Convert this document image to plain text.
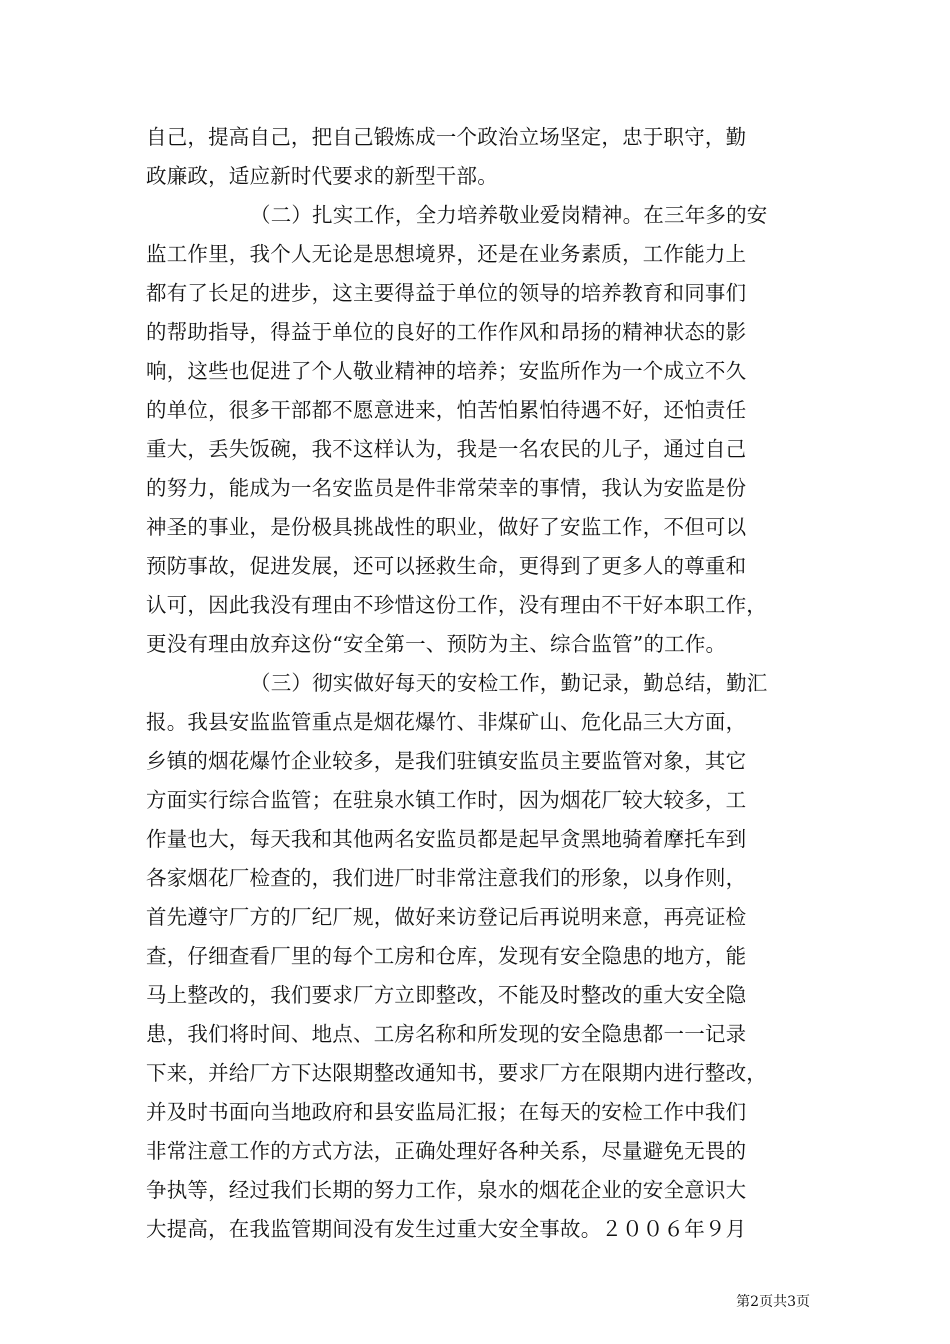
自己，提高自己，把自己锻炼成一个政治立场坚定，忠于职守，勤
政廉政，适应新时代要求的新型干部。
（二）扎实工作，全力培养敬业爱岗精神。在三年多的安
监工作里，我个人无论是思想境界，还是在业务素质，工作能力上
都有了长足的进步，这主要得益于单位的领导的培养教育和同事们
的帮助指导，得益于单位的良好的工作作风和昂扬的精神状态的影
响，这些也促进了个人敬业精神的培养；安监所作为一个成立不久
的单位，很多干部都不愿意进来，怕苦怕累怕待遇不好，还怕责任
重大，丢失饭碗，我不这样认为，我是一名农民的儿子，通过自己
的努力，能成为一名安监员是件非常荣幸的事情，我认为安监是份
神圣的事业，是份极具挑战性的职业，做好了安监工作，不但可以
预防事故，促进发展，还可以拯救生命，更得到了更多人的尊重和
认可，因此我没有理由不珍惜这份工作，没有理由不干好本职工作，
更没有理由放弃这份“安全第一、预防为主、综合监管”的工作。
（三）彻实做好每天的安检工作，勤记录，勤总结，勤汇
报。我县安监监管重点是烟花爆竹、非煤矿山、危化品三大方面，
乡镇的烟花爆竹企业较多，是我们驻镇安监员主要监管对象，其它
方面实行综合监管；在驻泉水镇工作时，因为烟花厂较大较多，工
作量也大，每天我和其他两名安监员都是起早贪黑地骑着摩托车到
各家烟花厂检查的，我们进厂时非常注意我们的形象，以身作则，
首先遵守厂方的厂纪厂规，做好来访登记后再说明来意，再亮证检
查，仔细查看厂里的每个工房和仓库，发现有安全隐患的地方，能
马上整改的，我们要求厂方立即整改，不能及时整改的重大安全隐
患，我们将时间、地点、工房名称和所发现的安全隐患都一一记录
下来，并给厂方下达限期整改通知书，要求厂方在限期内进行整改，
并及时书面向当地政府和县安监局汇报；在每天的安检工作中我们
非常注意工作的方式方法，正确处理好各种关系，尽量避免无畏的
争执等，经过我们长期的努力工作，泉水的烟花企业的安全意识大
大提高，在我监管期间没有发生过重大安全事故。２００６年９月
第2页共3页
